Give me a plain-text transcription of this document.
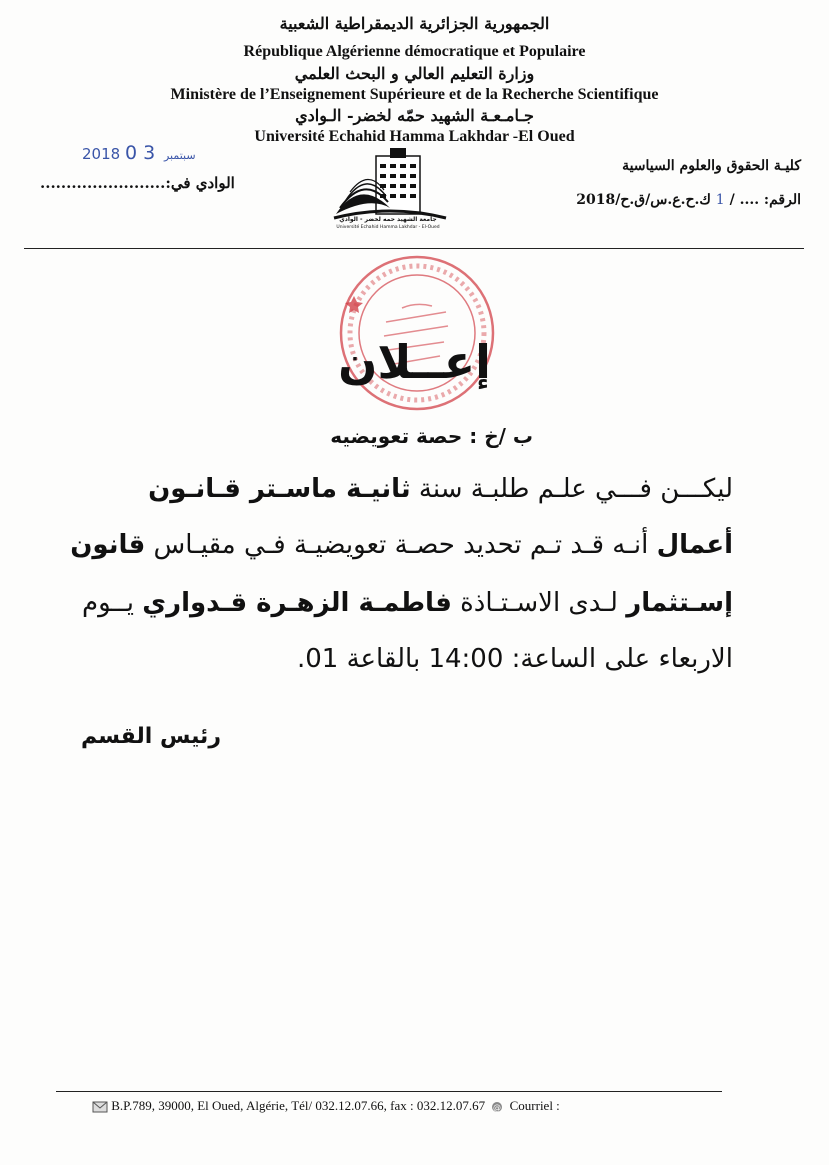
الجمهورية الجزائرية الديمقراطية الشعبية
République Algérienne démocratique et Populaire
وزارة التعليم العالي و البحث العلمي
Ministère de l’Enseignement Supérieure et de la Recherche Scientifique
جـامـعـة الشهيد حمّه لخضر- الـوادي
Université Echahid Hamma Lakhdar -El Oued
2018	سبتمبر 3 0
كليـة الحقوق والعلوم السياسية
الرقم: .... / 1 ك.ح.ع.س/ق.ح/2018
الوادي في:........................
جامعة الشهيد حمه لخضر - الوادي
Université Echahid Hamma Lakhdar - El-Oued
إعــلان
ب /خ : حصة تعويضيه
ليكـــن فـــي علـم طلبـة سنة ثانيـة ماسـتر قـانـون
أعمال أنـه قـد تـم تحديد حصـة تعويضيـة فـي مقيـاس قانون
إسـتثمار لـدى الاسـتـاذة فاطمـة الزهـرة قـدواري يــوم
الاربعاء على الساعة: 14:00 بالقاعة 01.
رئيس القسم
B.P.789, 39000, El Oued, Algérie, Tél/ 032.12.07.66, fax : 032.12.07.67 @ Courriel :
